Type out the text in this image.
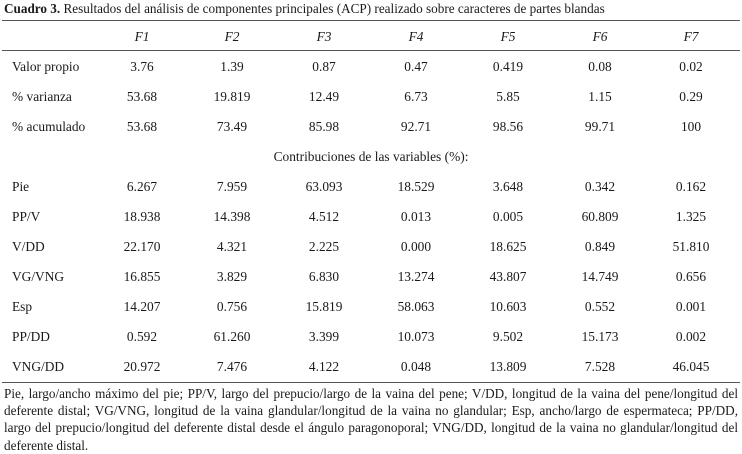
Cuadro 3. Resultados del análisis de componentes principales (ACP) realizado sobre caracteres de partes blandas
F1	F2	F3	F4	F5	F6	F7
Valor propio	3.76	1.39	0.87	0.47	0.419	0.08	0.02
% varianza	53.68	19.819	12.49	6.73	5.85	1.15	0.29
% acumulado	53.68	73.49	85.98	92.71	98.56	99.71	100
Contribuciones de las variables (%):
Pie	6.267	7.959	63.093	18.529	3.648	0.342	0.162
PP/V	18.938	14.398	4.512	0.013	0.005	60.809	1.325
V/DD	22.170	4.321	2.225	0.000	18.625	0.849	51.810
VG/VNG	16.855	3.829	6.830	13.274	43.807	14.749	0.656
Esp	14.207	0.756	15.819	58.063	10.603	0.552	0.001
PP/DD	0.592	61.260	3.399	10.073	9.502	15.173	0.002
VNG/DD	20.972	7.476	4.122	0.048	13.809	7.528	46.045
Pie, largo/ancho máximo del pie; PP/V, largo del prepucio/largo de la vaina del pene; V/DD, longitud de la vaina del pene/longitud del deferente distal; VG/VNG, longitud de la vaina glandular/longitud de la vaina no glandular; Esp, ancho/largo de espermateca; PP/DD, largo del prepucio/longitud del deferente distal desde el ángulo paragonoporal; VNG/DD, longitud de la vaina no glandular/longitud del deferente distal.
